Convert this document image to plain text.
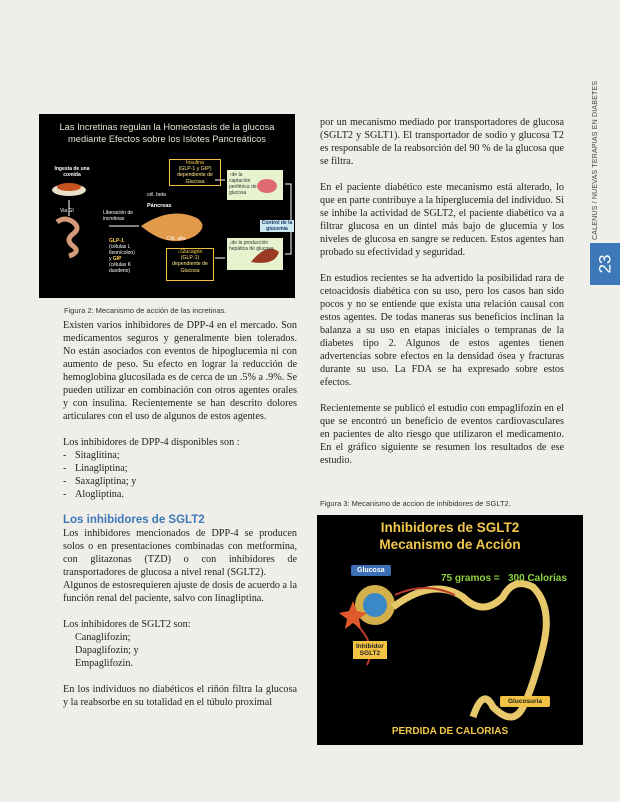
CALENUS / NUEVAS TERAPIAS EN DIABETES
23
Las Incretinas regulan la Homeostasis de la glucosa
mediante Efectos sobre los Islotes Pancreáticos
Ingesta de una comida
Via GI	Liberación de incretinas
Páncreas
cél. beta
Cél. alfa
Insulina
(GLP-1 y GIP)
dependiente de Glucosa
↓Glucagón
(GLP-1)
dependiente de
Glucosa
↑de la captación periférica de glucosa
↓de la producción hepática de glucosa
Control de la glucemia
GLP-1
(células L íleon/colon)
y GIP
(células K duodeno)
Figura 2: Mecanismo de acción de las incretinas.

Existen varios inhibidores de DPP-4 en el mercado. Son medicamentos seguros y generalmente bien tolerados. No están asociados con eventos de hipoglucemia ni con aumento de peso. Su efecto en lograr la reducción de hemoglobina glucosilada es de cerca de un .5% a .9%. Se pueden utilizar en combinación con otros agentes orales y con insulina. Recientemente se han descrito dolores articulares con el uso de algunos de estos agentes.

Los inhibidores de DPP-4 disponibles son :

- Sitaglitina;
- Linagliptina;
- Saxagliptina; y
- Alogliptina.

Los inhibidores de SGLT2

Los inhibidores mencionados de DPP-4 se producen solos o en presentaciones combinadas con metformina, con glitazonas (TZD) o con inhibidores de transportadores de glucosa a nivel renal (SGLT2).

Algunos de estosrequieren ajuste de dosis de acuerdo a la función renal del paciente, salvo con linagliptina.

Los inhibidores de SGLT2 son:

Canaglifozin;
Dapaglifozin; y
Empaglifozin.

En los individuos no diabéticos el riñón filtra la glucosa y la reabsorbe en su totalidad en el túbulo proximal

por un mecanismo mediado por transportadores de glucosa (SGLT2 y SGLT1). El transportador de sodio y glucosa T2 es responsable de la reabsorción del 90 % de la glucosa que se filtra.

En el paciente diabético este mecanismo está alterado, lo que en parte contribuye a la hiperglucemia del individuo. Si se inhibe la actividad de SGLT2, el paciente diabético va a filtrar glucosa en un dintel más bajo de glucemia y los niveles de glucosa en sangre se reducen. Estos agentes han probado su efectividad y seguridad.

En estudios recientes se ha advertido la posibilidad rara de cetoacidosis diabética con su uso, pero los casos han sido pocos y no se entiende que exista una relación causal con estos agentes. De todas maneras sus beneficios inclinan la balanza a su uso en etapas iniciales o tempranas de la diabetes tipo 2. Algunos de estos agentes tienen advertencias sobre efectos en la densidad ósea y fracturas durante su uso. La FDA se ha expresado sobre estos efectos.

Recientemente se publicó el estudio con empaglifozin en el que se encontró un beneficio de eventos cardiovasculares en pacientes de alto riesgo que utilizaron el medicamento. En el gráfico siguiente se resumen los resultados de ese estudio.

Figura 3: Mecanismo de accion de inhibidores de SGLT2.
Inhibidores de SGLT2
Mecanismo de Acción
Glucosa
75 gramos = 300 Calorías
Inhibidor
SGLT2
Glucosuria
PERDIDA DE CALORIAS
